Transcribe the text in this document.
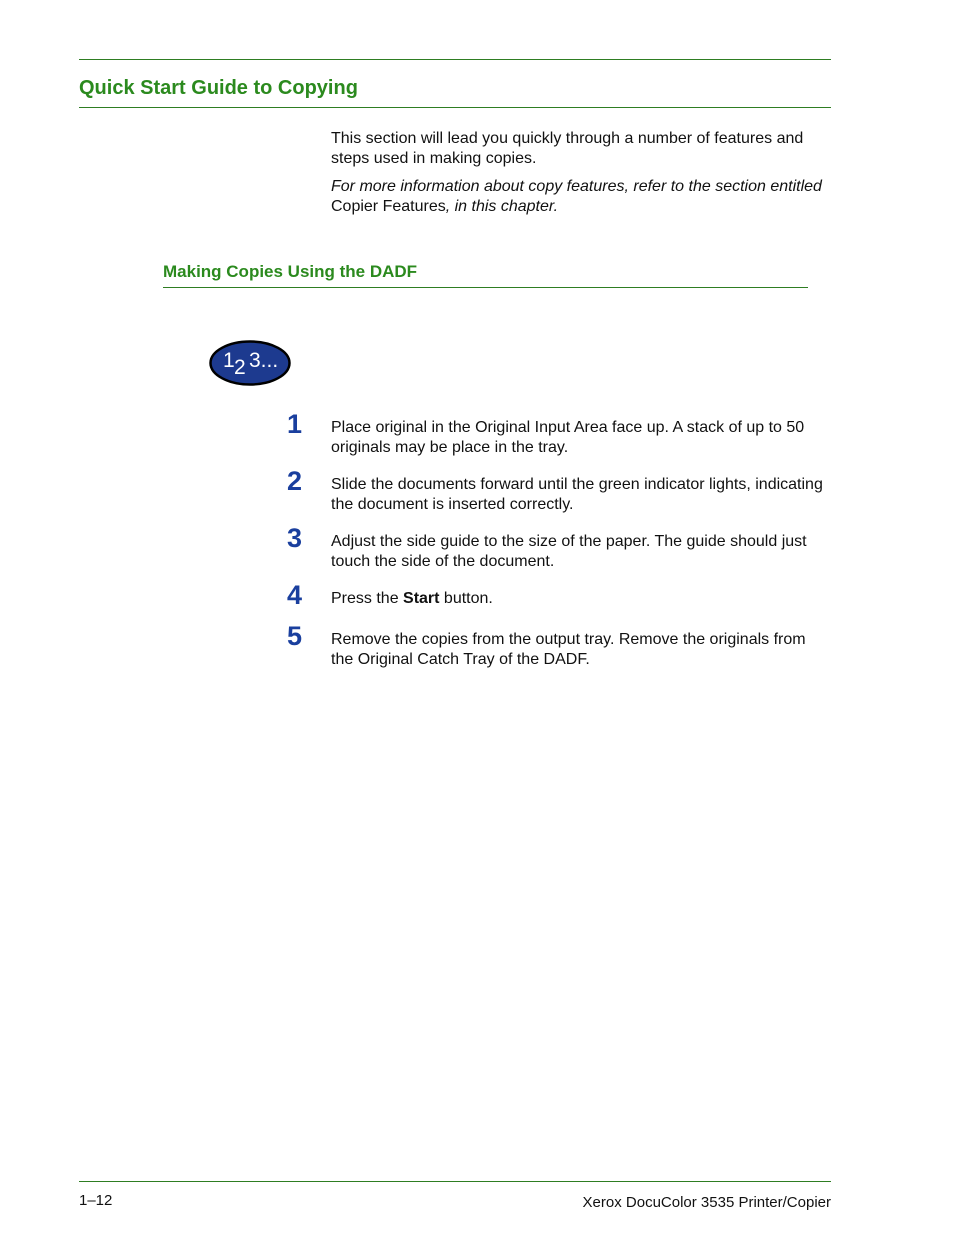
Quick Start Guide to Copying

This section will lead you quickly through a number of features and steps used in making copies.

For more information about copy features, refer to the section entitled Copier Features, in this chapter.

Making Copies Using the DADF
1 2 3...
1 Place original in the Original Input Area face up. A stack of up to 50 originals may be place in the tray.

2 Slide the documents forward until the green indicator lights, indicating the document is inserted correctly.

3 Adjust the side guide to the size of the paper. The guide should just touch the side of the document.

4 Press the Start button.

5 Remove the copies from the output tray. Remove the originals from the Original Catch Tray of the DADF.

1–12	Xerox DocuColor 3535 Printer/Copier
